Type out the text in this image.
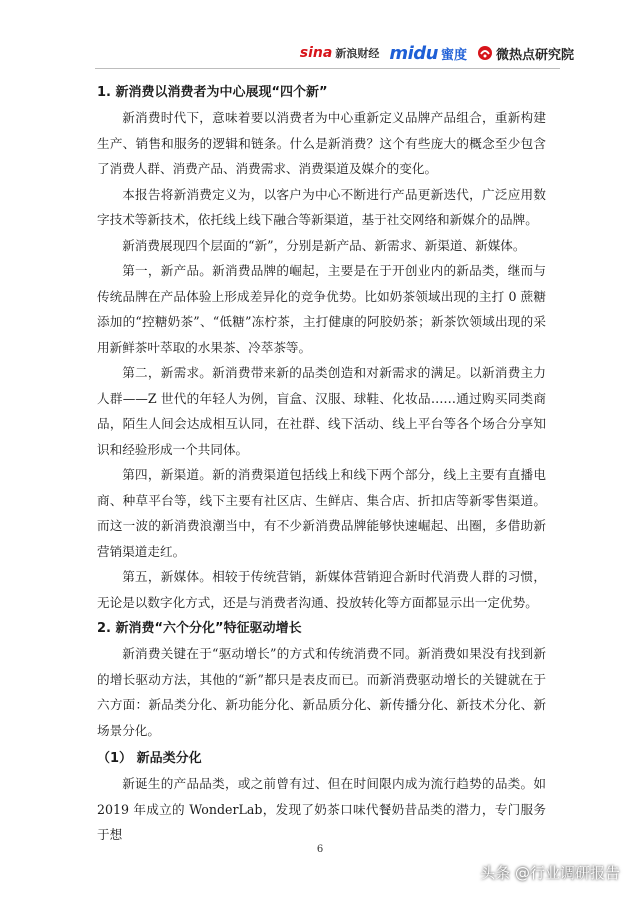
sina 新浪财经 midu 蜜度 微热点研究院
1. 新消费以消费者为中心展现“四个新”

新消费时代下，意味着要以消费者为中心重新定义品牌产品组合，重新构建生产、销售和服务的逻辑和链条。什么是新消费？这个有些庞大的概念至少包含了消费人群、消费产品、消费需求、消费渠道及媒介的变化。

本报告将新消费定义为，以客户为中心不断进行产品更新迭代，广泛应用数字技术等新技术，依托线上线下融合等新渠道，基于社交网络和新媒介的品牌。

新消费展现四个层面的“新”，分别是新产品、新需求、新渠道、新媒体。

第一，新产品。新消费品牌的崛起，主要是在于开创业内的新品类，继而与传统品牌在产品体验上形成差异化的竞争优势。比如奶茶领域出现的主打 0 蔗糖添加的“控糖奶茶”、“低糖”冻柠茶，主打健康的阿胶奶茶；新茶饮领域出现的采用新鲜茶叶萃取的水果茶、冷萃茶等。

第二，新需求。新消费带来新的品类创造和对新需求的满足。以新消费主力人群——Z 世代的年轻人为例，盲盒、汉服、球鞋、化妆品……通过购买同类商品，陌生人间会达成相互认同，在社群、线下活动、线上平台等各个场合分享知识和经验形成一个共同体。

第四，新渠道。新的消费渠道包括线上和线下两个部分，线上主要有直播电商、种草平台等，线下主要有社区店、生鲜店、集合店、折扣店等新零售渠道。而这一波的新消费浪潮当中，有不少新消费品牌能够快速崛起、出圈，多借助新营销渠道走红。

第五，新媒体。相较于传统营销，新媒体营销迎合新时代消费人群的习惯，无论是以数字化方式，还是与消费者沟通、投放转化等方面都显示出一定优势。

2. 新消费“六个分化”特征驱动增长

新消费关键在于“驱动增长”的方式和传统消费不同。新消费如果没有找到新的增长驱动方法，其他的“新”都只是表皮而已。而新消费驱动增长的关键就在于六方面：新品类分化、新功能分化、新品质分化、新传播分化、新技术分化、新场景分化。

（1） 新品类分化

新诞生的产品品类，或之前曾有过、但在时间限内成为流行趋势的品类。如 2019 年成立的 WonderLab，发现了奶茶口味代餐奶昔品类的潜力，专门服务于想

6
头条 @行业调研报告
